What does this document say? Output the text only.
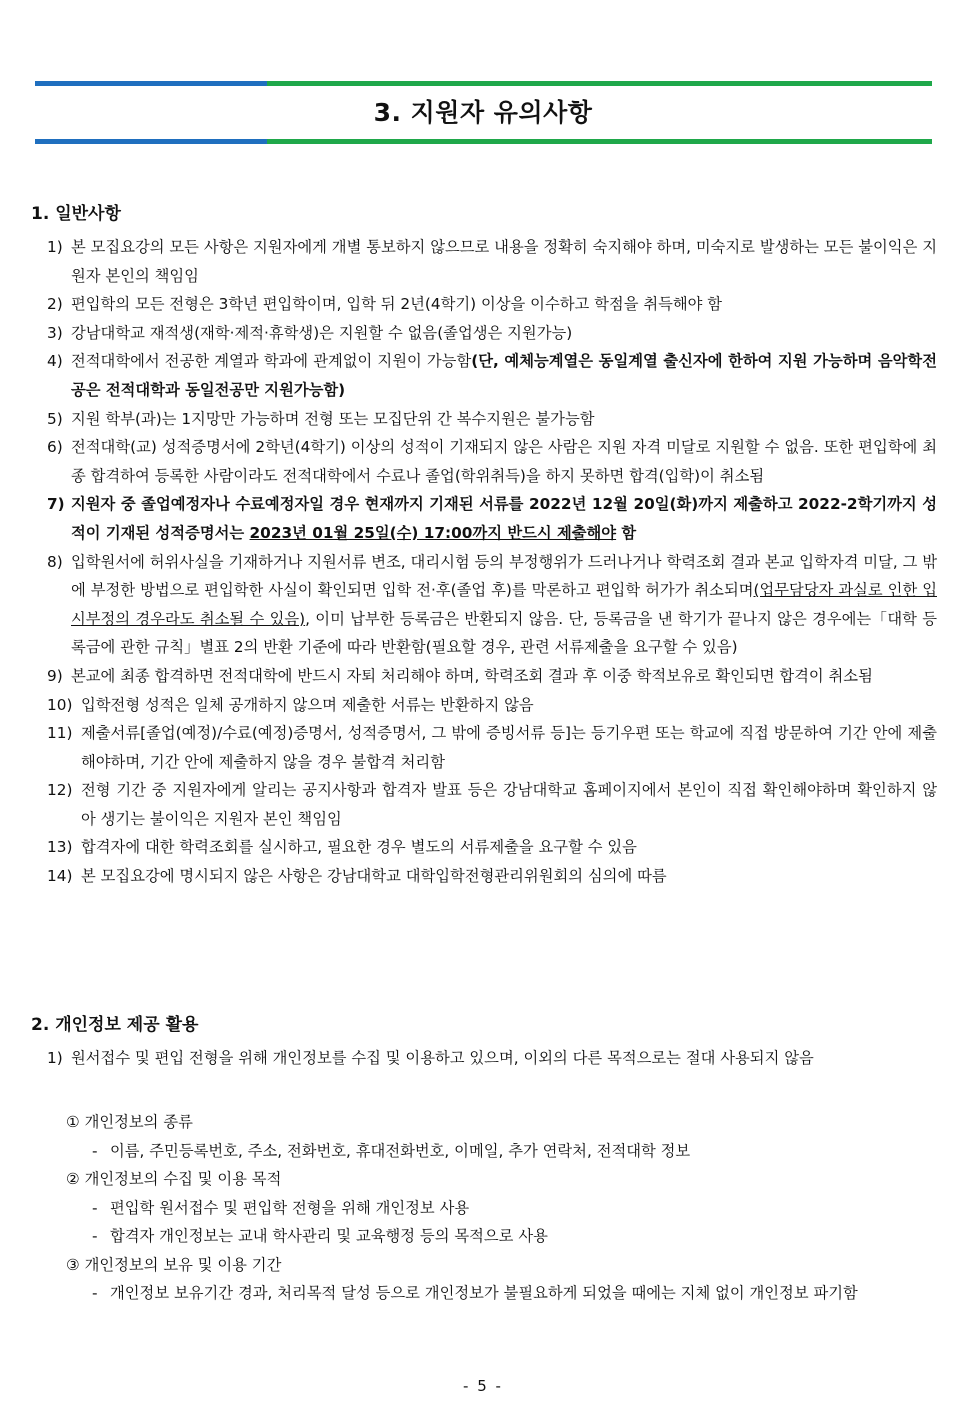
3. 지원자 유의사항
1. 일반사항
1) 본 모집요강의 모든 사항은 지원자에게 개별 통보하지 않으므로 내용을 정확히 숙지해야 하며, 미숙지로 발생하는 모든 불이익은 지원자 본인의 책임임
2) 편입학의 모든 전형은 3학년 편입학이며, 입학 뒤 2년(4학기) 이상을 이수하고 학점을 취득해야 함
3) 강남대학교 재적생(재학·제적·휴학생)은 지원할 수 없음(졸업생은 지원가능)
4) 전적대학에서 전공한 계열과 학과에 관계없이 지원이 가능함(단, 예체능계열은 동일계열 출신자에 한하여 지원 가능하며 음악학전공은 전적대학과 동일전공만 지원가능함)
5) 지원 학부(과)는 1지망만 가능하며 전형 또는 모집단위 간 복수지원은 불가능함
6) 전적대학(교) 성적증명서에 2학년(4학기) 이상의 성적이 기재되지 않은 사람은 지원 자격 미달로 지원할 수 없음. 또한 편입학에 최종 합격하여 등록한 사람이라도 전적대학에서 수료나 졸업(학위취득)을 하지 못하면 합격(입학)이 취소됨
7) 지원자 중 졸업예정자나 수료예정자일 경우 현재까지 기재된 서류를 2022년 12월 20일(화)까지 제출하고 2022-2학기까지 성적이 기재된 성적증명서는 2023년 01월 25일(수) 17:00까지 반드시 제출해야 함
8) 입학원서에 허위사실을 기재하거나 지원서류 변조, 대리시험 등의 부정행위가 드러나거나 학력조회 결과 본교 입학자격 미달, 그 밖에 부정한 방법으로 편입학한 사실이 확인되면 입학 전·후(졸업 후)를 막론하고 편입학 허가가 취소되며(업무담당자 과실로 인한 입시부정의 경우라도 취소될 수 있음), 이미 납부한 등록금은 반환되지 않음. 단, 등록금을 낸 학기가 끝나지 않은 경우에는「대학 등록금에 관한 규칙」별표 2의 반환 기준에 따라 반환함(필요할 경우, 관련 서류제출을 요구할 수 있음)
9) 본교에 최종 합격하면 전적대학에 반드시 자퇴 처리해야 하며, 학력조회 결과 후 이중 학적보유로 확인되면 합격이 취소됨
10) 입학전형 성적은 일체 공개하지 않으며 제출한 서류는 반환하지 않음
11) 제출서류[졸업(예정)/수료(예정)증명서, 성적증명서, 그 밖에 증빙서류 등]는 등기우편 또는 학교에 직접 방문하여 기간 안에 제출해야하며, 기간 안에 제출하지 않을 경우 불합격 처리함
12) 전형 기간 중 지원자에게 알리는 공지사항과 합격자 발표 등은 강남대학교 홈페이지에서 본인이 직접 확인해야하며 확인하지 않아 생기는 불이익은 지원자 본인 책임임
13) 합격자에 대한 학력조회를 실시하고, 필요한 경우 별도의 서류제출을 요구할 수 있음
14) 본 모집요강에 명시되지 않은 사항은 강남대학교 대학입학전형관리위원회의 심의에 따름
2. 개인정보 제공 활용
1) 원서접수 및 편입 전형을 위해 개인정보를 수집 및 이용하고 있으며, 이외의 다른 목적으로는 절대 사용되지 않음
① 개인정보의 종류
- 이름, 주민등록번호, 주소, 전화번호, 휴대전화번호, 이메일, 추가 연락처, 전적대학 정보
② 개인정보의 수집 및 이용 목적
- 편입학 원서접수 및 편입학 전형을 위해 개인정보 사용
- 합격자 개인정보는 교내 학사관리 및 교육행정 등의 목적으로 사용
③ 개인정보의 보유 및 이용 기간
- 개인정보 보유기간 경과, 처리목적 달성 등으로 개인정보가 불필요하게 되었을 때에는 지체 없이 개인정보 파기함
- 5 -
